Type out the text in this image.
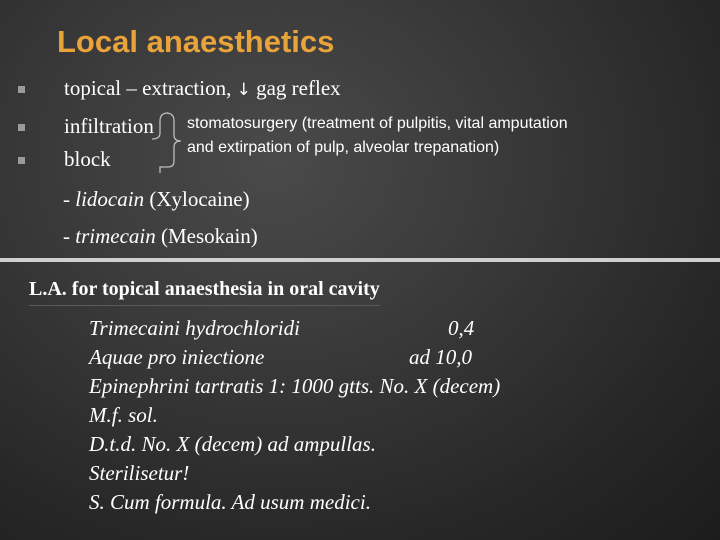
Local anaesthetics
topical – extraction, ↓ gag reflex
infiltration
block
stomatosurgery (treatment of pulpitis, vital amputation
and extirpation of pulp, alveolar trepanation)
- lidocain (Xylocaine)
- trimecain (Mesokain)
L.A. for topical anaesthesia in oral cavity
Trimecaini hydrochloridi	0,4
Aquae pro iniectione	ad 10,0
Epinephrini tartratis 1: 1000 gtts. No. X (decem)
M.f. sol.
D.t.d. No. X (decem) ad ampullas.
Sterilisetur!
S. Cum formula. Ad usum medici.
